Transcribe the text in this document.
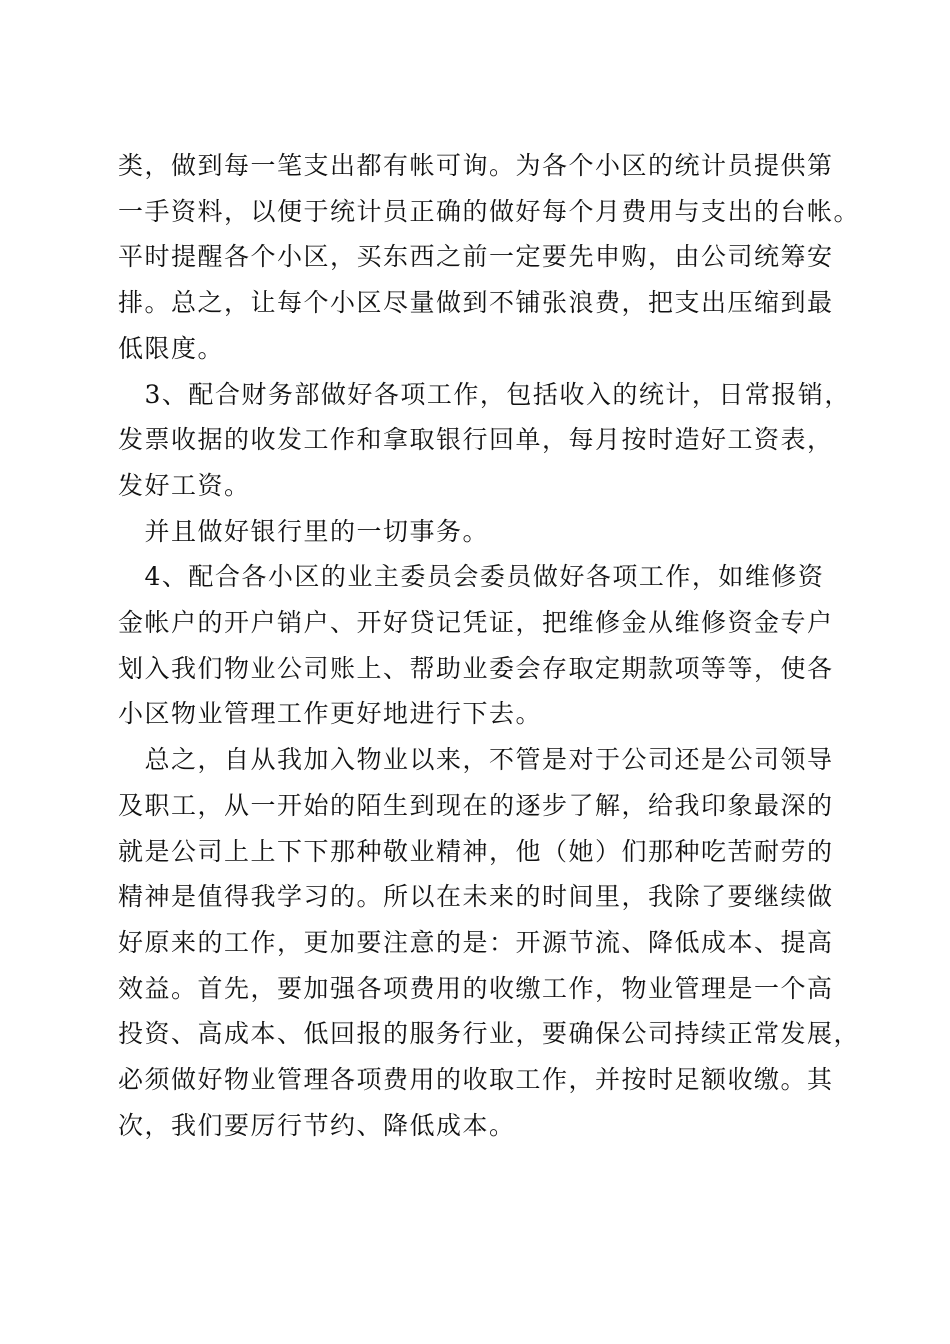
类，做到每一笔支出都有帐可询。为各个小区的统计员提供第
一手资料，以便于统计员正确的做好每个月费用与支出的台帐。
平时提醒各个小区，买东西之前一定要先申购，由公司统筹安
排。总之，让每个小区尽量做到不铺张浪费，把支出压缩到最
低限度。

　3、配合财务部做好各项工作，包括收入的统计，日常报销，
发票收据的收发工作和拿取银行回单，每月按时造好工资表，
发好工资。

　并且做好银行里的一切事务。

　4、配合各小区的业主委员会委员做好各项工作，如维修资
金帐户的开户销户、开好贷记凭证，把维修金从维修资金专户
划入我们物业公司账上、帮助业委会存取定期款项等等，使各
小区物业管理工作更好地进行下去。

　总之，自从我加入物业以来，不管是对于公司还是公司领导
及职工，从一开始的陌生到现在的逐步了解，给我印象最深的
就是公司上上下下那种敬业精神，他（她）们那种吃苦耐劳的
精神是值得我学习的。所以在未来的时间里，我除了要继续做
好原来的工作，更加要注意的是：开源节流、降低成本、提高
效益。首先，要加强各项费用的收缴工作，物业管理是一个高
投资、高成本、低回报的服务行业，要确保公司持续正常发展，
必须做好物业管理各项费用的收取工作，并按时足额收缴。其
次，我们要厉行节约、降低成本。
